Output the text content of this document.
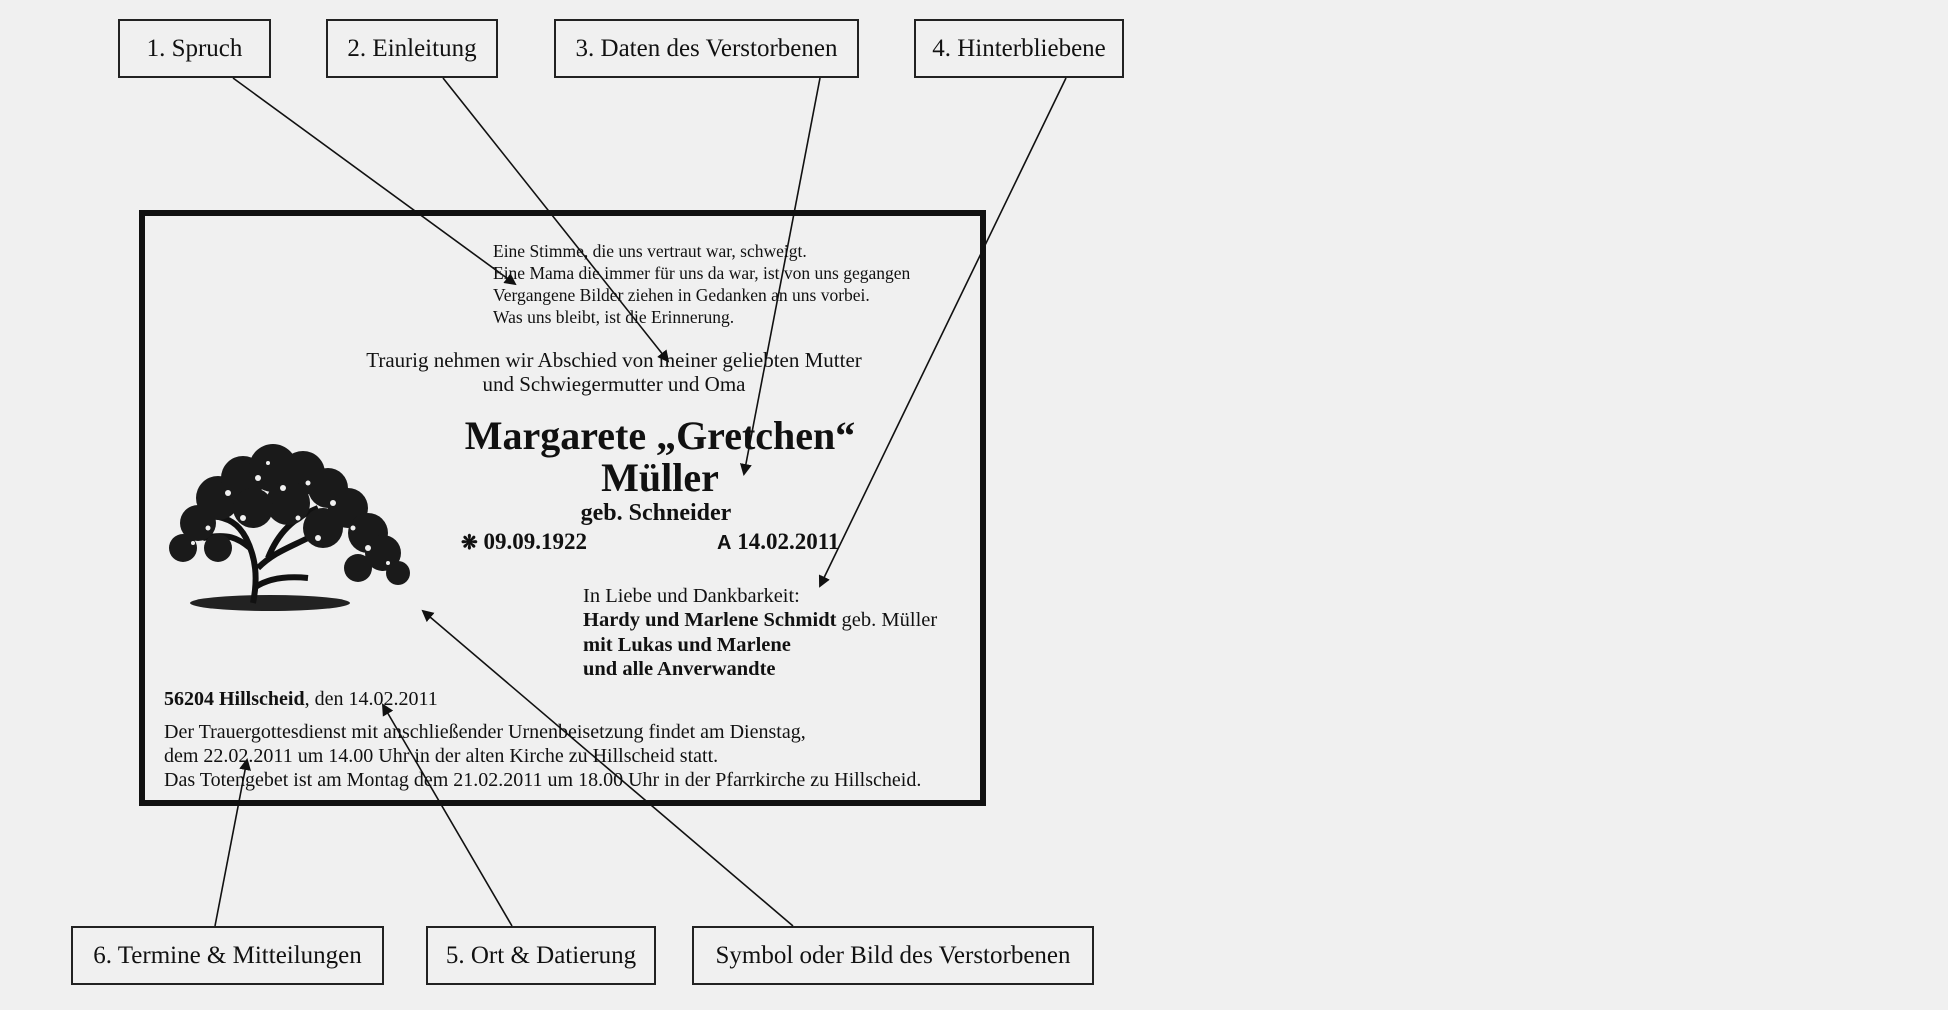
1. Spruch	2. Einleitung	3. Daten des Verstorbenen	4. Hinterbliebene
6. Termine & Mitteilungen	5. Ort & Datierung	Symbol oder Bild des Verstorbenen
Eine Stimme, die uns vertraut war, schweigt.
Eine Mama die immer für uns da war, ist von uns gegangen
Vergangene Bilder ziehen in Gedanken an uns vorbei.
Was uns bleibt, ist die Erinnerung.
Traurig nehmen wir Abschied von meiner geliebten Mutter
und Schwiegermutter und Oma
Margarete „Gretchen“
Müller
geb. Schneider
❋ 09.09.1922	A 14.02.2011
In Liebe und Dankbarkeit:
Hardy und Marlene Schmidt geb. Müller
mit Lukas und Marlene
und alle Anverwandte
56204 Hillscheid, den 14.02.2011
Der Trauergottesdienst mit anschließender Urnenbeisetzung findet am Dienstag,
dem 22.02.2011 um 14.00 Uhr in der alten Kirche zu Hillscheid statt.
Das Totengebet ist am Montag dem 21.02.2011 um 18.00 Uhr in der Pfarrkirche zu Hillscheid.
